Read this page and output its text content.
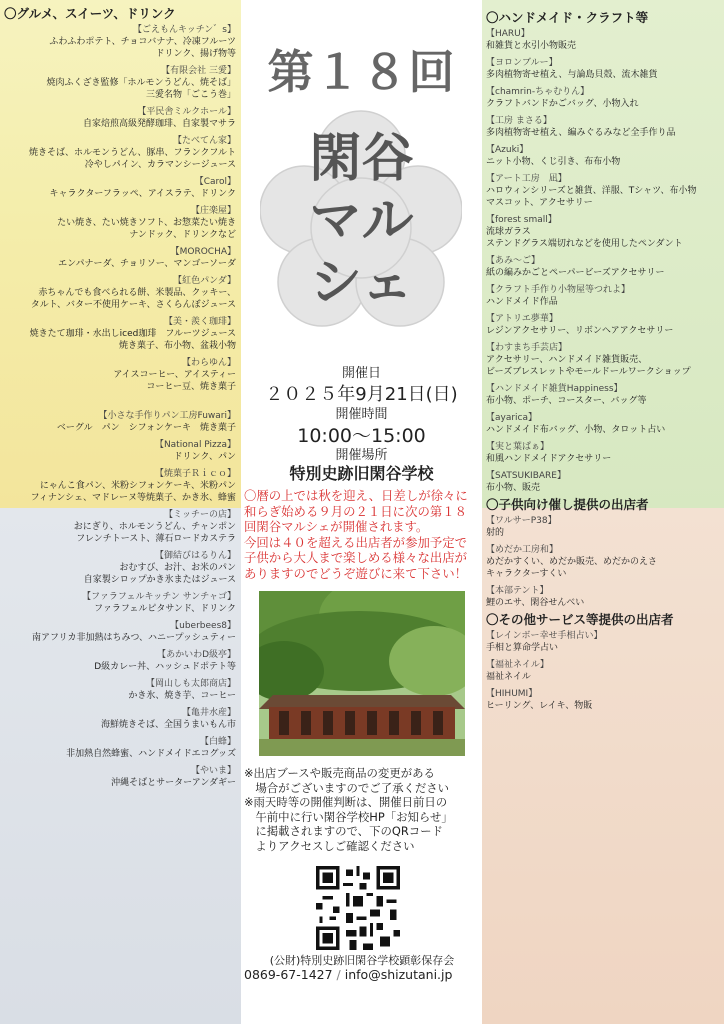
〇グルメ、スイーツ、ドリンク
【ごえもんキッチン゛s】
ふわふわポテト、チョコバナナ、冷凍フルーツ
ドリンク、揚げ物等
【有限会社 三愛】
焼肉ふくざき監修「ホルモンうどん、焼そば」
三愛名物「ごこう巻」
【平民舎ミルクホール】
自家焙煎高級発酵珈琲、自家製マサラ
【たべてん家】
焼きそば、ホルモンうどん、豚串、フランクフルト
冷やしパイン、カラマンシージュース
【Carol】
キャラクターフラッペ、アイスラテ、ドリンク
【庄楽屋】
たい焼き、たい焼きソフト、お惣菜たい焼き
ナンドック、ドリンクなど
【MOROCHA】
エンパナーダ、チョリソー、マンゴーソーダ
【紅色パンダ】
赤ちゃんでも食べられる餅、米製品、クッキー、
タルト、バター不使用ケーキ、さくらんぼジュース
【美・羨く珈琲】
焼きたて珈琲・水出しiced珈琲　フルーツジュース
焼き菓子、布小物、盆栽小物
【わらゆん】
アイスコーヒー、アイスティー
コーヒー豆、焼き菓子
【小さな手作りパン工房Fuwari】
ベーグル　パン　シフォンケーキ　焼き菓子
【National Pizza】
ドリンク、パン
【焼菓子Ｒｉｃｏ】
にゃんこ食パン、米粉シフォンケーキ、米粉パン
フィナンシェ、マドレーヌ等焼菓子、かき氷、蜂蜜
【ミッチーの店】
おにぎり、ホルモンうどん、チャンポン
フレンチトースト、薄石ロードカステラ
【御結びはるりん】
おむすび、お汁、お米のパン
自家製シロップかき氷またはジュース
【ファラフェルキッチン サンチャゴ】
ファラフェルピタサンド、ドリンク
【uberbees8】
南アフリカ非加熱はちみつ、ハニープッシュティー
【あかいわD級亭】
D級カレー丼、ハッシュドポテト等
【岡山しも太郎商店】
かき氷、焼き芋、コーヒー
【亀井水産】
海鮮焼きそば、全国うまいもん市
【白蜂】
非加熱自然蜂蜜、ハンドメイドエコグッズ
【やいま】
沖縄そばとサーターアンダギー
〇ハンドメイド・クラフト等
【HARU】
和雑貨と水引小物販売
【ヨロンブルー】
多肉植物寄せ植え、与論島貝殻、流木雑貨
【chamrin-ちゃむりん】
クラフトバンドかごバッグ、小物入れ
【工房 まさる】
多肉植物寄せ植え、編みぐるみなど全手作り品
【Azuki】
ニット小物、くじ引き、布布小物
【アート工房　凪】
ハロウィンシリーズと雑貨、洋服、Tシャツ、布小物
マスコット、アクセサリー
【forest small】
流球ガラス
ステンドグラス端切れなどを使用したペンダント
【あみ～ご】
紙の編みかごとペーパービーズアクセサリー
【クラフト手作り小物屋等つれよ】
ハンドメイド作品
【アトリエ夢華】
レジンアクセサリー、リボンヘアアクセサリー
【わすまち手芸店】
アクセサリー、ハンドメイド雑貨販売、
ビーズブレスレットやモールドールワークショップ
【ハンドメイド雑貨Happiness】
布小物、ポーチ、コースター、バッグ等
【ayarica】
ハンドメイド布バッグ、小物、タロット占い
【実と葉ぱぁ】
和風ハンドメイドアクセサリー
【SATSUKIBARE】
布小物、販売
〇子供向け催し提供の出店者
【ワルサーP38】
射的
【めだか工房和】
めだかすくい、めだか販売、めだかのえさ
キャラクターすくい
【本部テント】
鯉のエサ、閑谷せんべい
〇その他サービス等提供の出店者
【レインボー幸せ手相占い】
手相と算命学占い
【福祉ネイル】
福祉ネイル
【HIHUMI】
ヒーリング、レイキ、物販
第１８回
閑谷
マル
シェ
開催日
２０２５年9月21日(日)
開催時間
10:00～15:00
開催場所
特別史跡旧閑谷学校
〇暦の上では秋を迎え、日差しが徐々に
和らぎ始める９月の２１日に次の第１８
回閑谷マルシェが開催されます。
今回は４０を超える出店者が参加予定で
子供から大人まで楽しめる様々な出店が
ありますのでどうぞ遊びに来て下さい！
※出店ブースや販売商品の変更がある
　場合がございますのでご了承ください
※雨天時等の開催判断は、開催日前日の
　午前中に行い閑谷学校HP「お知らせ」
　に掲載されますので、下のQRコード
　よりアクセスしご確認ください
(公財)特別史跡旧閑谷学校顕彰保存会
0869-67-1427 / info@shizutani.jp
